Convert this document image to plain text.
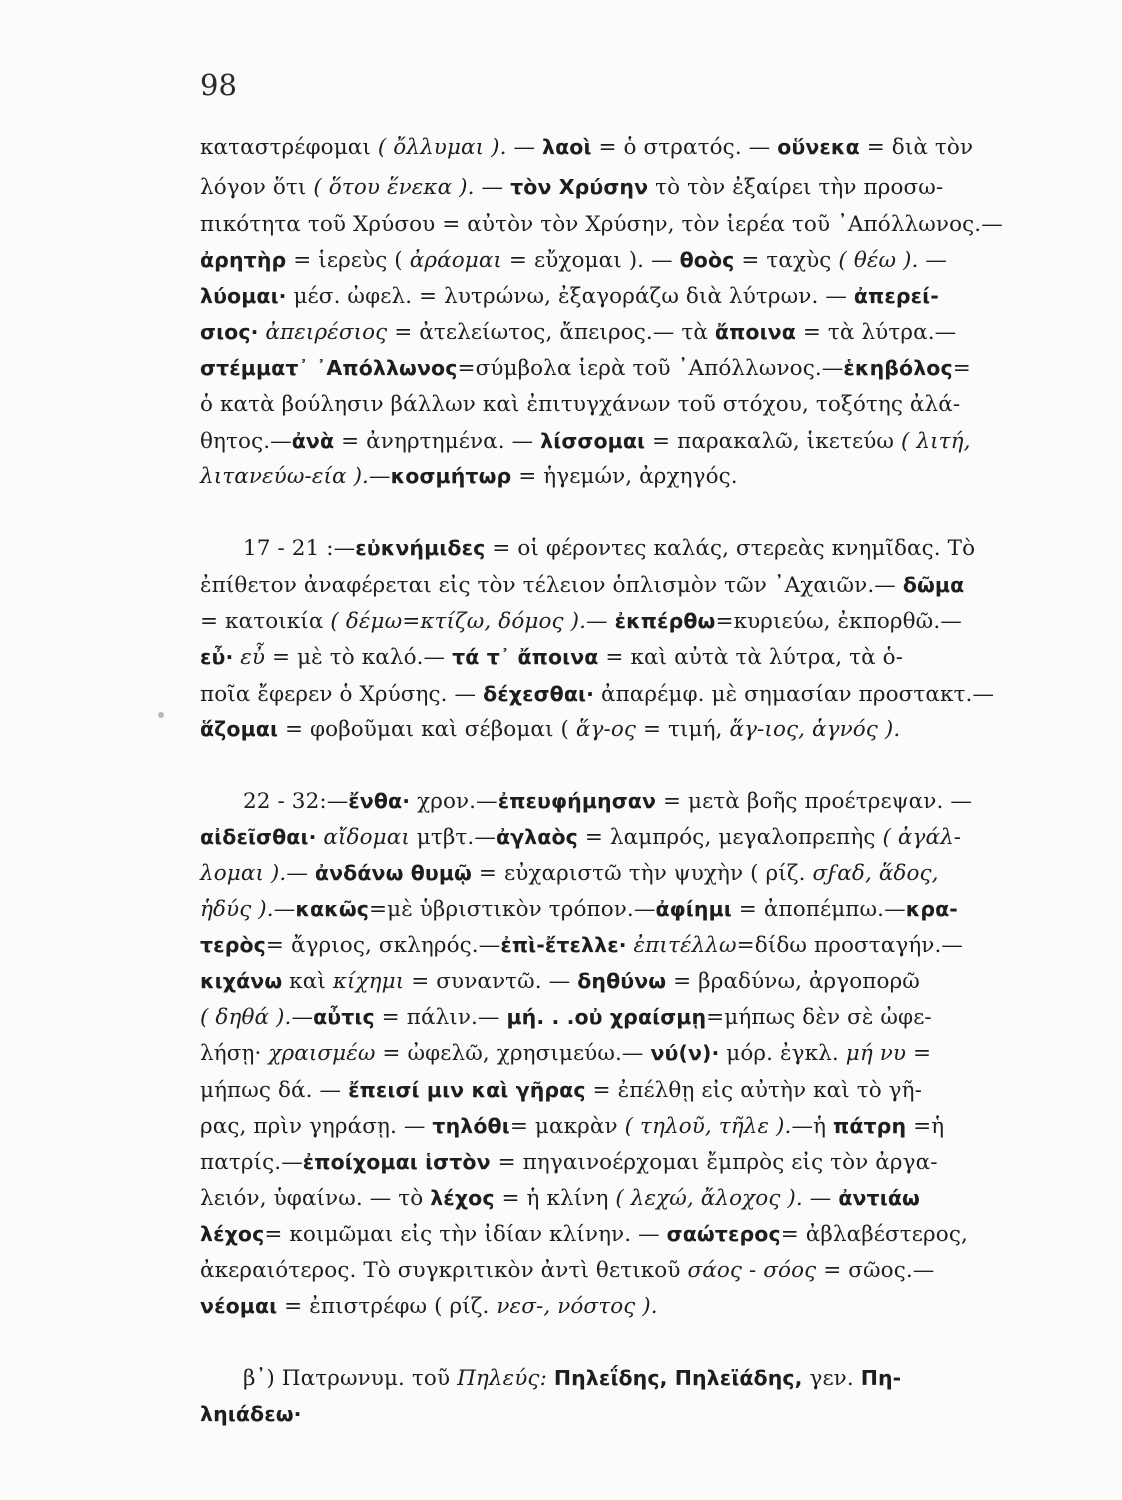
98
καταστρέφομαι ( ὄλλυμαι ). — λαοὶ = ὁ στρατός. — οὕνεκα = διὰ τὸν
λόγον ὅτι ( ὅτου ἕνεκα ). — τὸν Χρύσην τὸ τὸν ἐξαίρει τὴν προσω-
πικότητα τοῦ Χρύσου = αὐτὸν τὸν Χρύσην, τὸν ἱερέα τοῦ ᾿Απόλλωνος.—
ἀρητὴρ = ἱερεὺς ( ἀράομαι = εὔχομαι ). — θοὸς = ταχὺς ( θέω ). —
λύομαι· μέσ. ὠφελ. = λυτρώνω, ἐξαγοράζω διὰ λύτρων. — ἀπερεί-
σιος· ἀπειρέσιος = ἀτελείωτος, ἄπειρος.— τὰ ἄποινα = τὰ λύτρα.—
στέμματ᾿ ᾿Απόλλωνος=σύμβολα ἱερὰ τοῦ ᾿Απόλλωνος.—ἑκηβόλος=
ὁ κατὰ βούλησιν βάλλων καὶ ἐπιτυγχάνων τοῦ στόχου, τοξότης ἀλά-
θητος.—ἀνὰ = ἀνηρτημένα. — λίσσομαι = παρακαλῶ, ἱκετεύω ( λιτή,
λιτανεύω-εία ).—κοσμήτωρ = ἡγεμών, ἀρχηγός.
17 - 21 :—εὐκνήμιδες = οἱ φέροντες καλάς, στερεὰς κνημῖδας. Τὸ
ἐπίθετον ἀναφέρεται εἰς τὸν τέλειον ὁπλισμὸν τῶν ᾿Αχαιῶν.— δῶμα
= κατοικία ( δέμω=κτίζω, δόμος ).— ἐκπέρθω=κυριεύω, ἐκπορθῶ.—
εὖ· εὖ = μὲ τὸ καλό.— τά τ᾿ ἄποινα = καὶ αὐτὰ τὰ λύτρα, τὰ ὁ-
ποῖα ἔφερεν ὁ Χρύσης. — δέχεσθαι· ἀπαρέμφ. μὲ σημασίαν προστακτ.—
ἅζομαι = φοβοῦμαι καὶ σέβομαι ( ἅγ-ος = τιμή, ἅγ-ιος, ἁγνός ).
22 - 32:—ἔνθα· χρον.—ἐπευφήμησαν = μετὰ βοῆς προέτρεψαν. —
αἰδεῖσθαι· αἴδομαι μτβτ.—ἀγλαὸς = λαμπρός, μεγαλοπρεπὴς ( ἀγάλ-
λομαι ).— ἀνδάνω θυμῷ = εὐχαριστῶ τὴν ψυχὴν ( ρίζ. σϝαδ, ἅδος,
ἡδύς ).—κακῶς=μὲ ὑβριστικὸν τρόπον.—ἀφίημι = ἀποπέμπω.—κρα-
τερὸς= ἄγριος, σκληρός.—ἐπὶ-ἔτελλε· ἐπιτέλλω=δίδω προσταγήν.—
κιχάνω καὶ κίχημι = συναντῶ. — δηθύνω = βραδύνω, ἀργοπορῶ
( δηθά ).—αὖτις = πάλιν.— μή. . .οὐ χραίσμῃ=μήπως δὲν σὲ ὠφε-
λήσῃ· χραισμέω = ὠφελῶ, χρησιμεύω.— νύ(ν)· μόρ. ἐγκλ. μή νυ =
μήπως δά. — ἔπεισί μιν καὶ γῆρας = ἐπέλθῃ εἰς αὐτὴν καὶ τὸ γῆ-
ρας, πρὶν γηράσῃ. — τηλόθι= μακρὰν ( τηλοῦ, τῆλε ).—ἡ πάτρη =ἡ
πατρίς.—ἐποίχομαι ἱστὸν = πηγαινοέρχομαι ἔμπρὸς εἰς τὸν ἀργα-
λειόν, ὑφαίνω. — τὸ λέχος = ἡ κλίνη ( λεχώ, ἄλοχος ). — ἀντιάω
λέχος= κοιμῶμαι εἰς τὴν ἰδίαν κλίνην. — σαώτερος= ἀβλαβέστερος,
ἀκεραιότερος. Τὸ συγκριτικὸν ἀντὶ θετικοῦ σάος - σόος = σῶος.—
νέομαι = ἐπιστρέφω ( ρίζ. νεσ-, νόστος ).
β᾿) Πατρωνυμ. τοῦ Πηλεύς: Πηλεΐδης, Πηλεϊάδης, γεν. Πη-
ληιάδεω·
